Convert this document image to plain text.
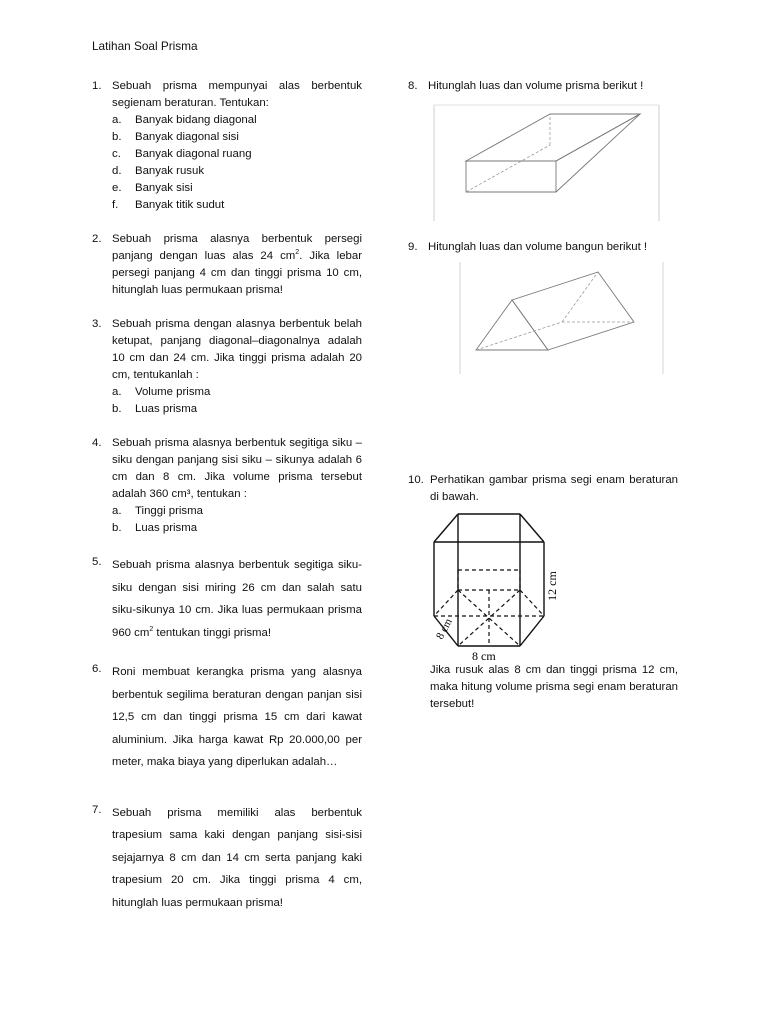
Latihan Soal Prisma
1. Sebuah prisma mempunyai alas berbentuk segienam beraturan. Tentukan:
a.	Banyak bidang diagonal
b.	Banyak diagonal sisi
c.	Banyak diagonal ruang
d.	Banyak rusuk
e.	Banyak sisi
f.	Banyak titik sudut
2. Sebuah prisma alasnya berbentuk persegi panjang dengan luas alas 24 $cm^2$. Jika lebar persegi panjang 4 cm dan tinggi prisma 10 cm, hitunglah luas permukaan prisma!
3. Sebuah prisma dengan alasnya berbentuk belah ketupat, panjang diagonal–diagonalnya adalah 10 cm dan 24 cm. Jika tinggi prisma adalah 20 cm, tentukanlah :
a.	Volume prisma
b.	Luas prisma
4. Sebuah prisma alasnya berbentuk segitiga siku – siku dengan panjang sisi siku – sikunya adalah 6 cm dan 8 cm. Jika volume prisma tersebut adalah 360 cm³, tentukan :
a.	Tinggi prisma
b.	Luas prisma
5. Sebuah prisma alasnya berbentuk segitiga siku-siku dengan sisi miring 26 cm dan salah satu siku-sikunya 10 cm. Jika luas permukaan prisma 960 $cm^2$ tentukan tinggi prisma!
6. Roni membuat kerangka prisma yang alasnya berbentuk segilima beraturan dengan panjan sisi 12,5 cm dan tinggi prisma 15 cm dari kawat aluminium. Jika harga kawat Rp 20.000,00 per meter, maka biaya yang diperlukan adalah…
7. Sebuah prisma memiliki alas berbentuk trapesium sama kaki dengan panjang sisi-sisi sejajarnya 8 cm dan 14 cm serta panjang kaki trapesium 20 cm. Jika tinggi prisma 4 cm, hitunglah luas permukaan prisma!
8. Hitunglah luas dan volume prisma berikut !
9. Hitunglah luas dan volume bangun berikut !
10. Perhatikan gambar prisma segi enam beraturan di bawah.
12 cm
8 cm
8 cm
Jika rusuk alas 8 cm dan tinggi prisma 12 cm, maka hitung volume prisma segi enam beraturan tersebut!
